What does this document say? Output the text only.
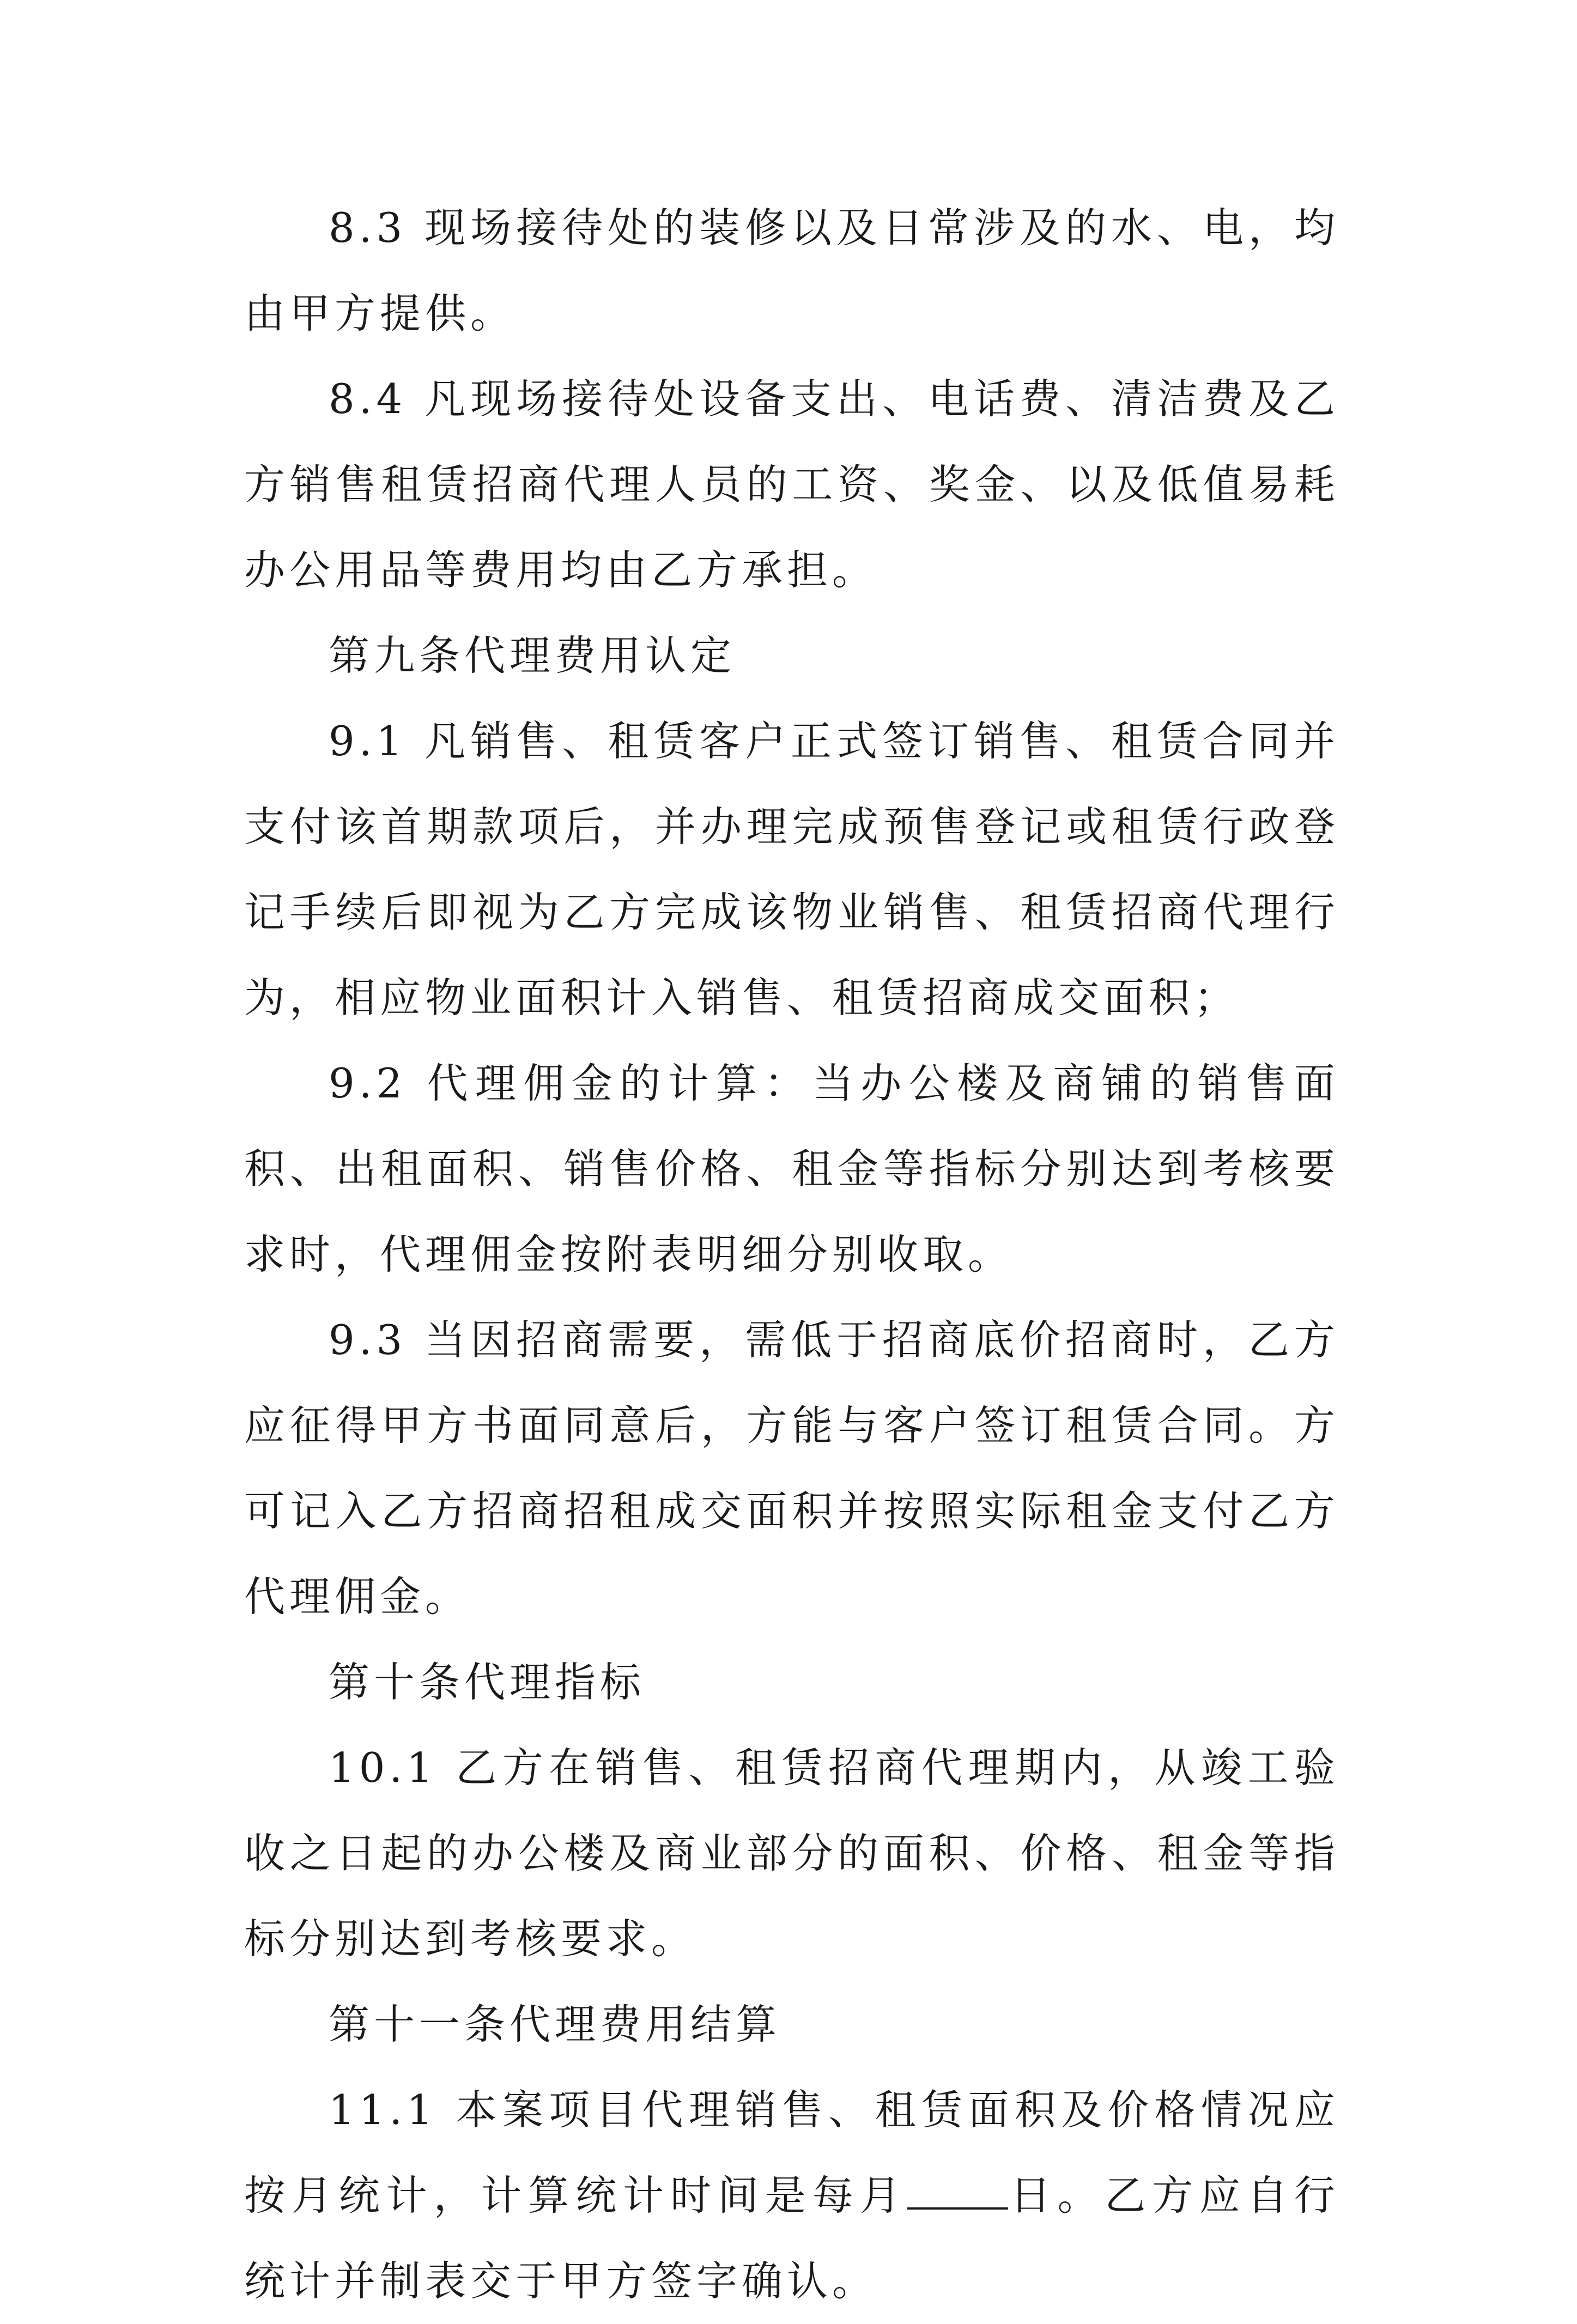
8.3 现场接待处的装修以及日常涉及的水、电，均由甲方提供。

8.4 凡现场接待处设备支出、电话费、清洁费及乙方销售租赁招商代理人员的工资、奖金、以及低值易耗办公用品等费用均由乙方承担。

第九条代理费用认定

9.1 凡销售、租赁客户正式签订销售、租赁合同并支付该首期款项后，并办理完成预售登记或租赁行政登记手续后即视为乙方完成该物业销售、租赁招商代理行为，相应物业面积计入销售、租赁招商成交面积；

9.2 代理佣金的计算：当办公楼及商铺的销售面积、出租面积、销售价格、租金等指标分别达到考核要求时，代理佣金按附表明细分别收取。

9.3 当因招商需要，需低于招商底价招商时，乙方应征得甲方书面同意后，方能与客户签订租赁合同。方可记入乙方招商招租成交面积并按照实际租金支付乙方代理佣金。

第十条代理指标

10.1 乙方在销售、租赁招商代理期内，从竣工验收之日起的办公楼及商业部分的面积、价格、租金等指标分别达到考核要求。

第十一条代理费用结算

11.1 本案项目代理销售、租赁面积及价格情况应按月统计，计算统计时间是每月 日。乙方应自行统计并制表交于甲方签字确认。
